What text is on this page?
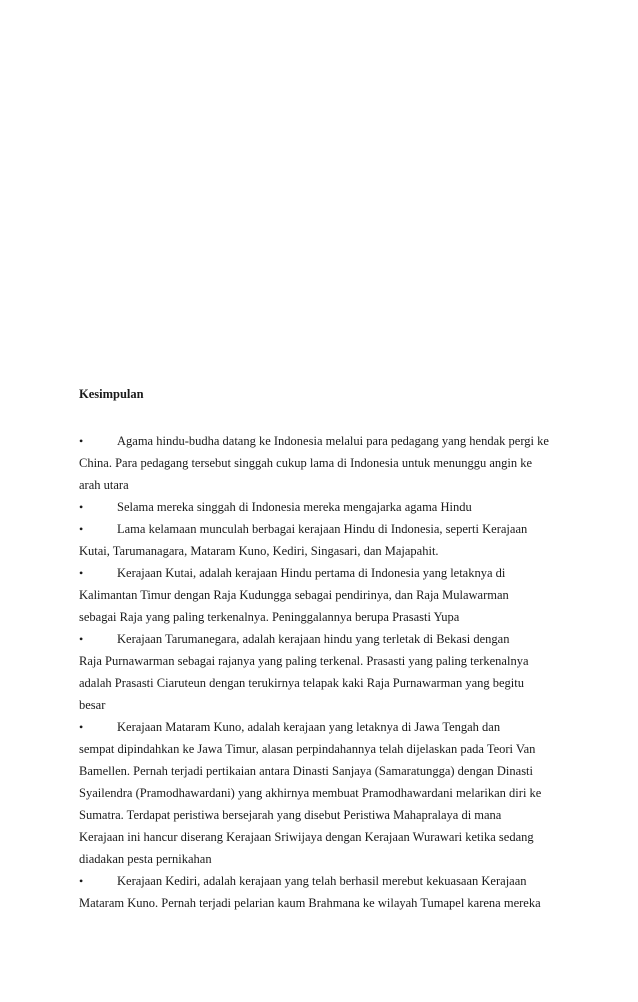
Kesimpulan
•	Agama hindu-budha datang ke Indonesia melalui para pedagang yang hendak pergi ke
China. Para pedagang tersebut singgah cukup lama di Indonesia untuk menunggu angin ke
arah utara
•	Selama mereka singgah di Indonesia mereka mengajarka agama Hindu
•	Lama kelamaan munculah berbagai kerajaan Hindu di Indonesia, seperti Kerajaan
Kutai, Tarumanagara, Mataram Kuno, Kediri, Singasari, dan Majapahit.
•	Kerajaan Kutai, adalah kerajaan Hindu pertama di Indonesia yang letaknya di
Kalimantan Timur dengan Raja Kudungga sebagai pendirinya, dan Raja Mulawarman
sebagai Raja yang paling terkenalnya. Peninggalannya berupa Prasasti Yupa
•	Kerajaan Tarumanegara, adalah kerajaan hindu yang terletak di Bekasi dengan
Raja Purnawarman sebagai rajanya yang paling terkenal. Prasasti yang paling terkenalnya
adalah Prasasti Ciaruteun dengan terukirnya telapak kaki Raja Purnawarman yang begitu
besar
•	Kerajaan Mataram Kuno, adalah kerajaan yang letaknya di Jawa Tengah dan
sempat dipindahkan ke Jawa Timur, alasan perpindahannya telah dijelaskan pada Teori Van
Bamellen. Pernah terjadi pertikaian antara Dinasti Sanjaya (Samaratungga) dengan Dinasti
Syailendra (Pramodhawardani) yang akhirnya membuat Pramodhawardani melarikan diri ke
Sumatra. Terdapat peristiwa bersejarah yang disebut Peristiwa Mahapralaya di mana
Kerajaan ini hancur diserang Kerajaan Sriwijaya dengan Kerajaan Wurawari ketika sedang
diadakan pesta pernikahan
•	Kerajaan Kediri, adalah kerajaan yang telah berhasil merebut kekuasaan Kerajaan
Mataram Kuno. Pernah terjadi pelarian kaum Brahmana ke wilayah Tumapel karena mereka
